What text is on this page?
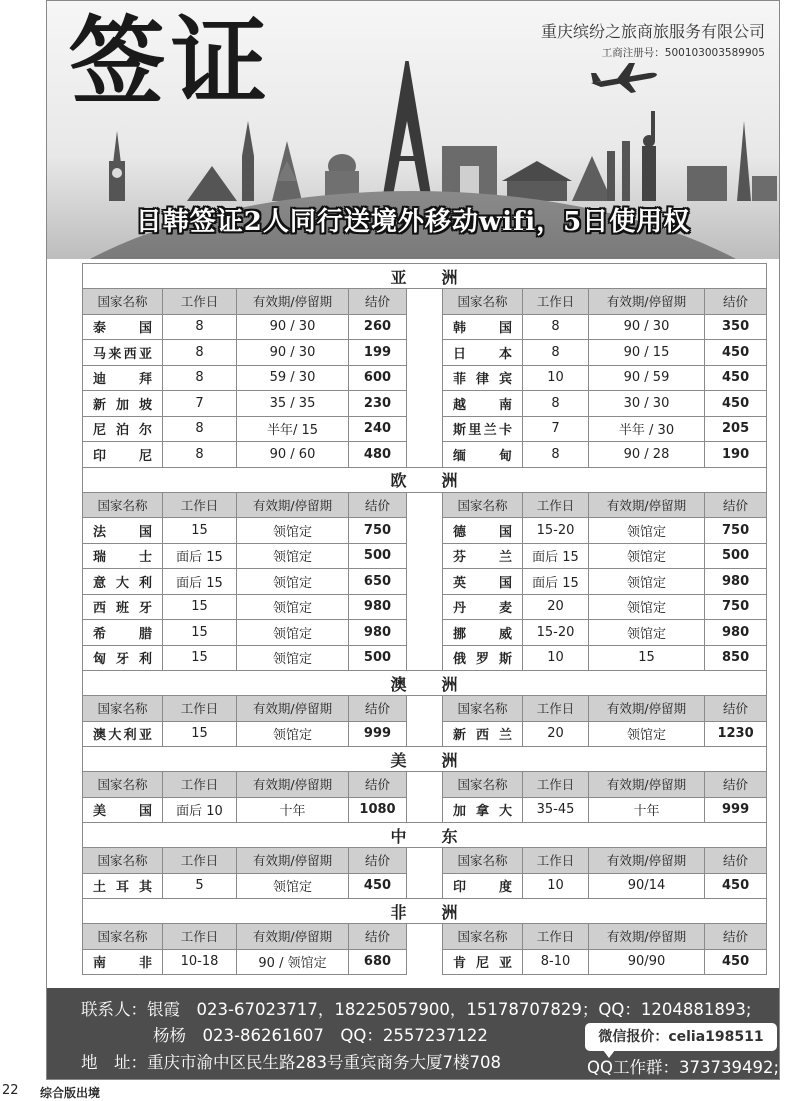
签证	重庆缤纷之旅商旅服务有限公司
工商注册号：500103003589905
日韩签证2人同行送境外移动wifi，5日使用权
亚　　洲								
国家名称	工作日	有效期/停留期	结价		国家名称	工作日	有效期/停留期	结价
泰国	8	90 / 30	260		韩国	8	90 / 30	350
马来西亚	8	90 / 30	199		日本	8	90 / 15	450
迪拜	8	59 / 30	600		菲律宾	10	90 / 59	450
新加坡	7	35 / 35	230		越南	8	30 / 30	450
尼泊尔	8	半年/ 15	240		斯里兰卡	7	半年 / 30	205
印尼	8	90 / 60	480		缅甸	8	90 / 28	190
欧　　洲								
国家名称	工作日	有效期/停留期	结价		国家名称	工作日	有效期/停留期	结价
法国	15	领馆定	750		德国	15-20	领馆定	750
瑞士	面后 15	领馆定	500		芬兰	面后 15	领馆定	500
意大利	面后 15	领馆定	650		英国	面后 15	领馆定	980
西班牙	15	领馆定	980		丹麦	20	领馆定	750
希腊	15	领馆定	980		挪威	15-20	领馆定	980
匈牙利	15	领馆定	500		俄罗斯	10	15	850
澳　　洲								
国家名称	工作日	有效期/停留期	结价		国家名称	工作日	有效期/停留期	结价
澳大利亚	15	领馆定	999		新西兰	20	领馆定	1230
美　　洲								
国家名称	工作日	有效期/停留期	结价		国家名称	工作日	有效期/停留期	结价
美国	面后 10	十年	1080		加拿大	35-45	十年	999
中　　东								
国家名称	工作日	有效期/停留期	结价		国家名称	工作日	有效期/停留期	结价
土耳其	5	领馆定	450		印度	10	90/14	450
非　　洲								
国家名称	工作日	有效期/停留期	结价		国家名称	工作日	有效期/停留期	结价
南非	10-18	90 / 领馆定	680		肯尼亚	8-10	90/90	450
联系人：银霞　023-67023717，18225057900，15178707829；QQ：1204881893;
杨杨　023-86261607　QQ：2557237122	微信报价：celia198511
地　址：重庆市渝中区民生路283号重宾商务大厦7楼708	QQ工作群：373739492;
22 综合版出境
